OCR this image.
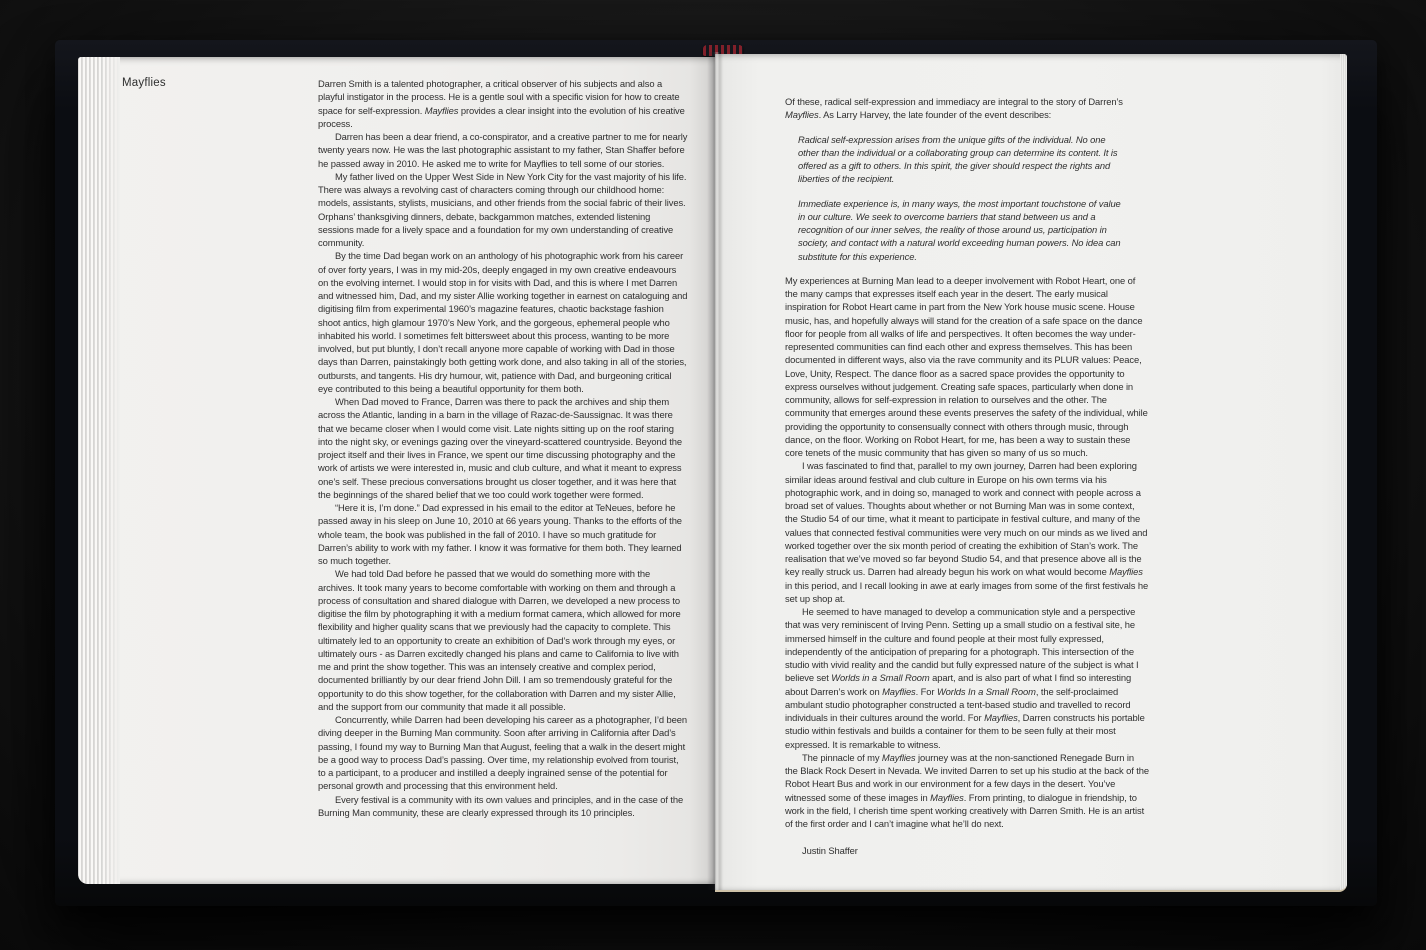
Mayflies	Darren Smith is a talented photographer, a critical observer of his subjects and also a playful instigator in the process. He is a gentle soul with a specific vision for how to create space for self-expression. Mayflies provides a clear insight into the evolution of his creative process.

Darren has been a dear friend, a co-conspirator, and a creative partner to me for nearly twenty years now. He was the last photographic assistant to my father, Stan Shaffer before he passed away in 2010. He asked me to write for Mayflies to tell some of our stories.

My father lived on the Upper West Side in New York City for the vast majority of his life. There was always a revolving cast of characters coming through our childhood home: models, assistants, stylists, musicians, and other friends from the social fabric of their lives. Orphans’ thanksgiving dinners, debate, backgammon matches, extended listening sessions made for a lively space and a foundation for my own understanding of creative community.

By the time Dad began work on an anthology of his photographic work from his career of over forty years, I was in my mid-20s, deeply engaged in my own creative endeavours on the evolving internet. I would stop in for visits with Dad, and this is where I met Darren and witnessed him, Dad, and my sister Allie working together in earnest on cataloguing and digitising film from experimental 1960’s magazine features, chaotic backstage fashion shoot antics, high glamour 1970’s New York, and the gorgeous, ephemeral people who inhabited his world. I sometimes felt bittersweet about this process, wanting to be more involved, but put bluntly, I don’t recall anyone more capable of working with Dad in those days than Darren, painstakingly both getting work done, and also taking in all of the stories, outbursts, and tangents. His dry humour, wit, patience with Dad, and burgeoning critical eye contributed to this being a beautiful opportunity for them both.

When Dad moved to France, Darren was there to pack the archives and ship them across the Atlantic, landing in a barn in the village of Razac-de-Saussignac. It was there that we became closer when I would come visit. Late nights sitting up on the roof staring into the night sky, or evenings gazing over the vineyard-scattered countryside. Beyond the project itself and their lives in France, we spent our time discussing photography and the work of artists we were interested in, music and club culture, and what it meant to express one’s self. These precious conversations brought us closer together, and it was here that the beginnings of the shared belief that we too could work together were formed.

“Here it is, I’m done.” Dad expressed in his email to the editor at TeNeues, before he passed away in his sleep on June 10, 2010 at 66 years young. Thanks to the efforts of the whole team, the book was published in the fall of 2010. I have so much gratitude for Darren’s ability to work with my father. I know it was formative for them both. They learned so much together.

We had told Dad before he passed that we would do something more with the archives. It took many years to become comfortable with working on them and through a process of consultation and shared dialogue with Darren, we developed a new process to digitise the film by photographing it with a medium format camera, which allowed for more flexibility and higher quality scans that we previously had the capacity to complete. This ultimately led to an opportunity to create an exhibition of Dad’s work through my eyes, or ultimately ours - as Darren excitedly changed his plans and came to California to live with me and print the show together. This was an intensely creative and complex period, documented brilliantly by our dear friend John Dill. I am so tremendously grateful for the opportunity to do this show together, for the collaboration with Darren and my sister Allie, and the support from our community that made it all possible.

Concurrently, while Darren had been developing his career as a photographer, I’d been diving deeper in the Burning Man community. Soon after arriving in California after Dad’s passing, I found my way to Burning Man that August, feeling that a walk in the desert might be a good way to process Dad’s passing. Over time, my relationship evolved from tourist, to a participant, to a producer and instilled a deeply ingrained sense of the potential for personal growth and processing that this environment held.

Every festival is a community with its own values and principles, and in the case of the Burning Man community, these are clearly expressed through its 10 principles.

Of these, radical self-expression and immediacy are integral to the story of Darren’s Mayflies. As Larry Harvey, the late founder of the event describes:

Radical self-expression arises from the unique gifts of the individual. No one other than the individual or a collaborating group can determine its content. It is offered as a gift to others. In this spirit, the giver should respect the rights and liberties of the recipient.

Immediate experience is, in many ways, the most important touchstone of value in our culture. We seek to overcome barriers that stand between us and a recognition of our inner selves, the reality of those around us, participation in society, and contact with a natural world exceeding human powers. No idea can substitute for this experience.

My experiences at Burning Man lead to a deeper involvement with Robot Heart, one of the many camps that expresses itself each year in the desert. The early musical inspiration for Robot Heart came in part from the New York house music scene. House music, has, and hopefully always will stand for the creation of a safe space on the dance floor for people from all walks of life and perspectives. It often becomes the way under-represented communities can find each other and express themselves. This has been documented in different ways, also via the rave community and its PLUR values: Peace, Love, Unity, Respect. The dance floor as a sacred space provides the opportunity to express ourselves without judgement. Creating safe spaces, particularly when done in community, allows for self-expression in relation to ourselves and the other. The community that emerges around these events preserves the safety of the individual, while providing the opportunity to consensually connect with others through music, through dance, on the floor. Working on Robot Heart, for me, has been a way to sustain these core tenets of the music community that has given so many of us so much.

I was fascinated to find that, parallel to my own journey, Darren had been exploring similar ideas around festival and club culture in Europe on his own terms via his photographic work, and in doing so, managed to work and connect with people across a broad set of values. Thoughts about whether or not Burning Man was in some context, the Studio 54 of our time, what it meant to participate in festival culture, and many of the values that connected festival communities were very much on our minds as we lived and worked together over the six month period of creating the exhibition of Stan’s work. The realisation that we’ve moved so far beyond Studio 54, and that presence above all is the key really struck us. Darren had already begun his work on what would become Mayflies in this period, and I recall looking in awe at early images from some of the first festivals he set up shop at.

He seemed to have managed to develop a communication style and a perspective that was very reminiscent of Irving Penn. Setting up a small studio on a festival site, he immersed himself in the culture and found people at their most fully expressed, independently of the anticipation of preparing for a photograph. This intersection of the studio with vivid reality and the candid but fully expressed nature of the subject is what I believe set Worlds in a Small Room apart, and is also part of what I find so interesting about Darren’s work on Mayflies. For Worlds In a Small Room, the self-proclaimed ambulant studio photographer constructed a tent-based studio and travelled to record individuals in their cultures around the world. For Mayflies, Darren constructs his portable studio within festivals and builds a container for them to be seen fully at their most expressed. It is remarkable to witness.

The pinnacle of my Mayflies journey was at the non-sanctioned Renegade Burn in the Black Rock Desert in Nevada. We invited Darren to set up his studio at the back of the Robot Heart Bus and work in our environment for a few days in the desert. You’ve witnessed some of these images in Mayflies. From printing, to dialogue in friendship, to work in the field, I cherish time spent working creatively with Darren Smith. He is an artist of the first order and I can’t imagine what he’ll do next.

Justin Shaffer
